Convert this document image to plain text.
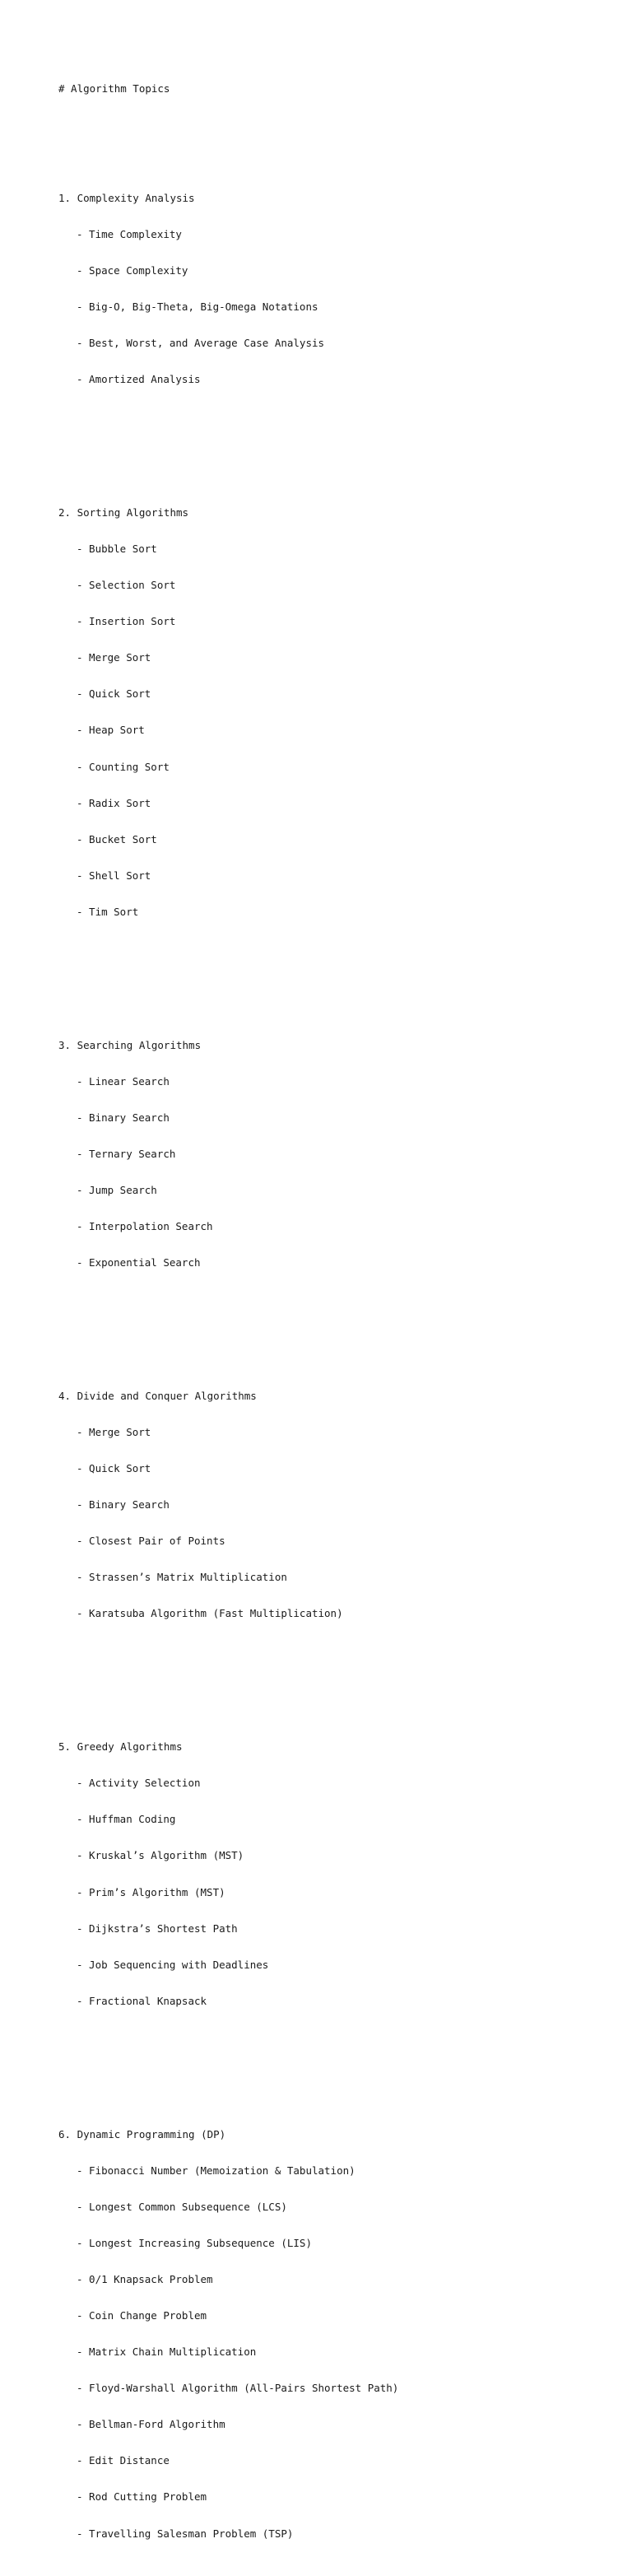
# Algorithm Topics

1. Complexity Analysis

- Time Complexity

- Space Complexity

- Big-O, Big-Theta, Big-Omega Notations

- Best, Worst, and Average Case Analysis

- Amortized Analysis

2. Sorting Algorithms

- Bubble Sort

- Selection Sort

- Insertion Sort

- Merge Sort

- Quick Sort

- Heap Sort

- Counting Sort

- Radix Sort

- Bucket Sort

- Shell Sort

- Tim Sort

3. Searching Algorithms

- Linear Search

- Binary Search

- Ternary Search

- Jump Search

- Interpolation Search

- Exponential Search

4. Divide and Conquer Algorithms

- Merge Sort

- Quick Sort

- Binary Search

- Closest Pair of Points

- Strassen’s Matrix Multiplication

- Karatsuba Algorithm (Fast Multiplication)

5. Greedy Algorithms

- Activity Selection

- Huffman Coding

- Kruskal’s Algorithm (MST)

- Prim’s Algorithm (MST)

- Dijkstra’s Shortest Path

- Job Sequencing with Deadlines

- Fractional Knapsack

6. Dynamic Programming (DP)

- Fibonacci Number (Memoization & Tabulation)

- Longest Common Subsequence (LCS)

- Longest Increasing Subsequence (LIS)

- 0/1 Knapsack Problem

- Coin Change Problem

- Matrix Chain Multiplication

- Floyd-Warshall Algorithm (All-Pairs Shortest Path)

- Bellman-Ford Algorithm

- Edit Distance

- Rod Cutting Problem

- Travelling Salesman Problem (TSP)
